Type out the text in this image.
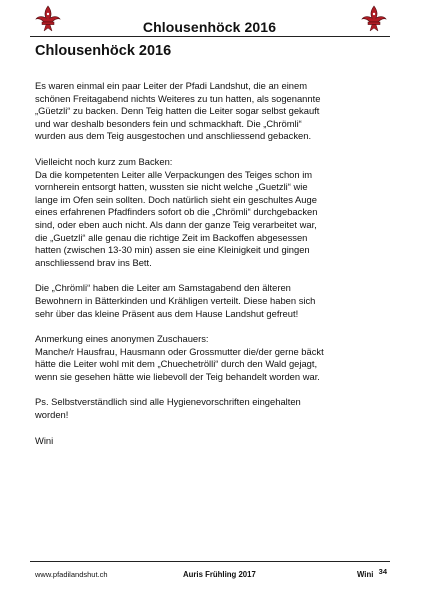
Chlousenhöck 2016
Chlousenhöck 2016

Es waren einmal ein paar Leiter der Pfadi Landshut, die an einem
schönen Freitagabend nichts Weiteres zu tun hatten, als sogenannte
„Güetzli“ zu backen. Denn Teig hatten die Leiter sogar selbst gekauft
und war deshalb besonders fein und schmackhaft. Die „Chrömli“
wurden aus dem Teig ausgestochen und anschliessend gebacken.

Vielleicht noch kurz zum Backen:
Da die kompetenten Leiter alle Verpackungen des Teiges schon im
vornherein entsorgt hatten, wussten sie nicht welche „Guetzli“ wie
lange im Ofen sein sollten. Doch natürlich sieht ein geschultes Auge
eines erfahrenen Pfadfinders sofort ob die „Chrömli“ durchgebacken
sind, oder eben auch nicht. Als dann der ganze Teig verarbeitet war,
die „Guetzli“ alle genau die richtige Zeit im Backoffen abgesessen
hatten (zwischen 13-30 min) assen sie eine Kleinigkeit und gingen
anschliessend brav ins Bett.

Die „Chrömli“ haben die Leiter am Samstagabend den älteren
Bewohnern in Bätterkinden und Krähligen verteilt. Diese haben sich
sehr über das kleine Präsent aus dem Hause Landshut gefreut!

Anmerkung eines anonymen Zuschauers:
Manche/r Hausfrau, Hausmann oder Grossmutter die/der gerne bäckt
hätte die Leiter wohl mit dem „Chuechetrölli“ durch den Wald gejagt,
wenn sie gesehen hätte wie liebevoll der Teig behandelt worden war.

Ps. Selbstverständlich sind alle Hygienevorschriften eingehalten
worden!

Wini

www.pfadilandshut.ch	Auris Frühling 2017	Wini 34
